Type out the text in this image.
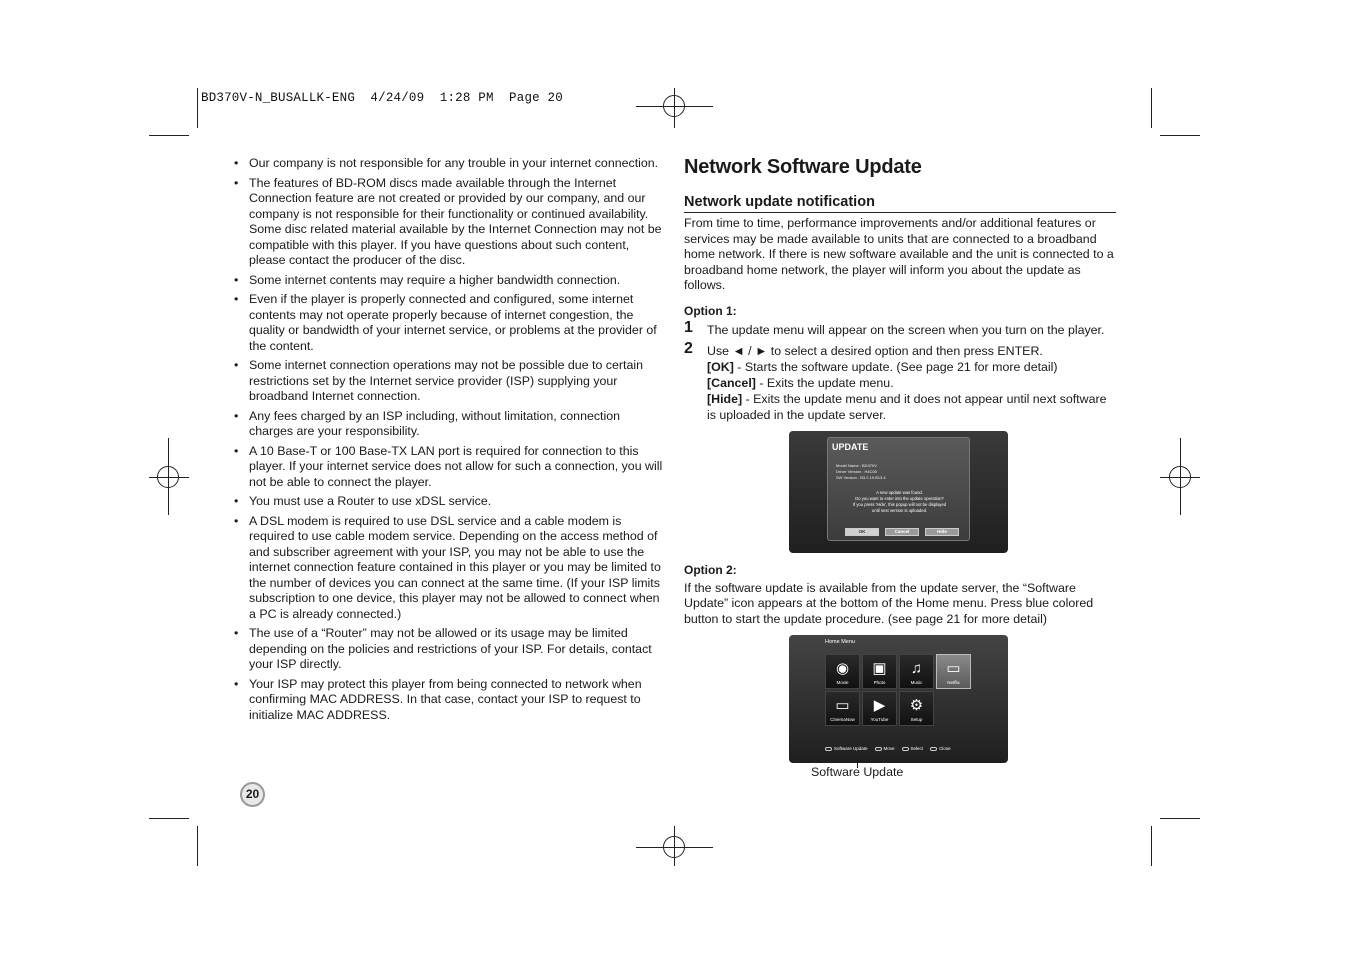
BD370V-N_BUSALLK-ENG  4/24/09  1:28 PM  Page 20
• Our company is not responsible for any trouble in your internet connection.
• The features of BD-ROM discs made available through the Internet Connection feature are not created or provided by our company, and our company is not responsible for their functionality or continued availability. Some disc related material available by the Internet Connection may not be compatible with this player. If you have questions about such content, please contact the producer of the disc.
• Some internet contents may require a higher bandwidth connection.
• Even if the player is properly connected and configured, some internet contents may not operate properly because of internet congestion, the quality or bandwidth of your internet service, or problems at the provider of the content.
• Some internet connection operations may not be possible due to certain restrictions set by the Internet service provider (ISP) supplying your broadband Internet connection.
• Any fees charged by an ISP including, without limitation, connection charges are your responsibility.
• A 10 Base-T or 100 Base-TX LAN port is required for connection to this player. If your internet service does not allow for such a connection, you will not be able to connect the player.
• You must use a Router to use xDSL service.
• A DSL modem is required to use DSL service and a cable modem is required to use cable modem service. Depending on the access method of and subscriber agreement with your ISP, you may not be able to use the internet connection feature contained in this player or you may be limited to the number of devices you can connect at the same time. (If your ISP limits subscription to one device, this player may not be allowed to connect when a PC is already connected.)
• The use of a “Router” may not be allowed or its usage may be limited depending on the policies and restrictions of your ISP. For details, contact your ISP directly.
• Your ISP may protect this player from being connected to network when confirming MAC ADDRESS. In that case, contact your ISP to request to initialize MAC ADDRESS.
Network Software Update
Network update notification

From time to time, performance improvements and/or additional features or services may be made available to units that are connected to a broadband home network. If there is new software available and the unit is connected to a broadband home network, the player will inform you about the update as follows.

Option 1:
1 The update menu will appear on the screen when you turn on the player.
2 Use ◄ / ► to select a desired option and then press ENTER.
[OK] - Starts the software update. (See page 21 for more detail)
[Cancel] - Exits the update menu.
[Hide] - Exits the update menu and it does not appear until next software is uploaded in the update server.
UPDATE
Model Name : BD370V
Driver Version : H4C00
SW Version : B3.2.19.B13.4
A new update was found.
Do you want to enter into the update operation?
If you press 'Hide', this popup will not be displayed
until next version is uploaded.
OK	Cancel	Hide
Option 2:

If the software update is available from the update server, the “Software Update” icon appears at the bottom of the Home menu. Press blue colored button to start the update procedure. (see page 21 for more detail)

Home Menu
◉
Movie
▣
Photo
♫
Music
▭
Netflix
▭
CinemaNow
▶
YouTube
⚙
Setup
Software Update	Move	Select	Close
Software Update
20
